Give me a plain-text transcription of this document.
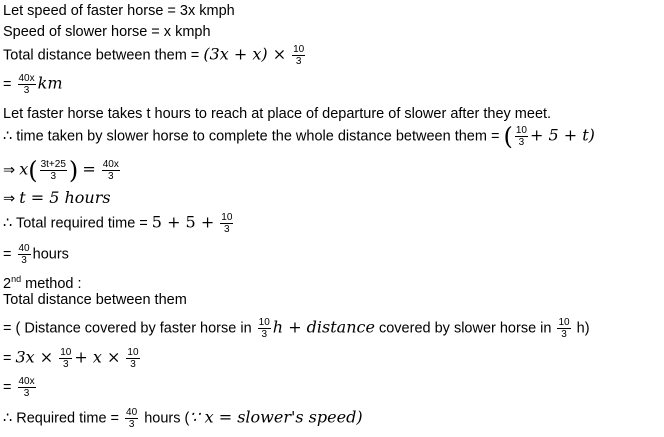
Let speed of faster horse = 3x kmph
Speed of slower horse = x kmph
Total distance between them = $(3x + x) \times \frac{10}{3}$
= $\frac{40x}{3}$ km
Let faster horse takes t hours to reach at place of departure of slower after they meet.
∴ time taken by slower horse to complete the whole distance between them = ( $\frac{10}{3} + 5 + t$)
⇒ $x( \frac{3t+25}{3}$ ) = $\frac{40x}{3}$
⇒ t = 5 hours
∴ Total required time = $5 + 5 + \frac{10}{3}$
= $\frac{40}{3}$ hours
2nd method :
Total distance between them
= ( Distance covered by faster horse in $\frac{10}{3}$ h + distance covered by slower horse in $\frac{10}{3} h$)
= $3x \times \frac{10}{3} + x \times \frac{10}{3}$
= $\frac{40x}{3}$
∴ Required time = $\frac{40}{3}$ hours (∵ x = slower's speed)
